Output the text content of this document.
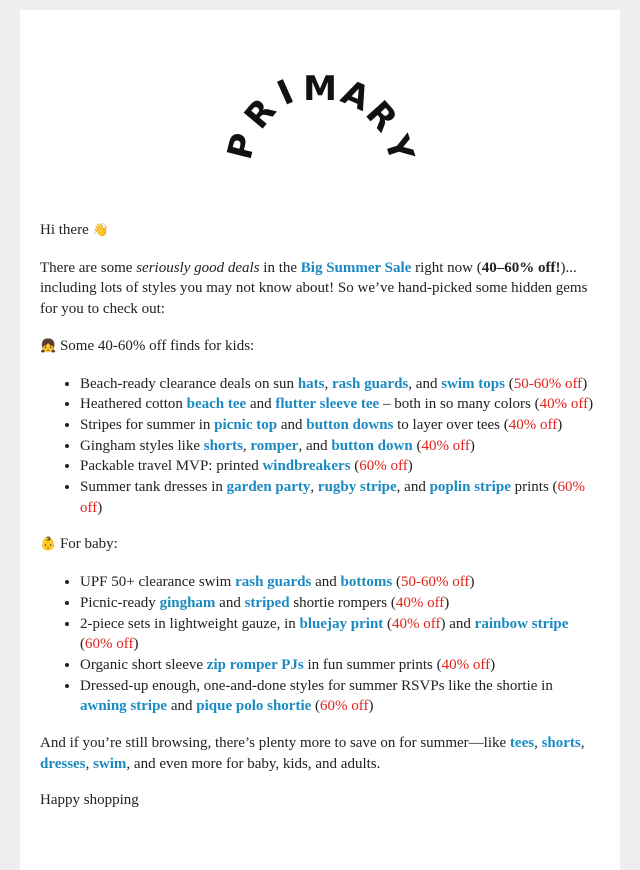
P
R
I M
A
R
Y

Hi there 👋

There are some seriously good deals in the Big Summer Sale right now (40–60% off!)... including lots of styles you may not know about! So we’ve hand-picked some hidden gems for you to check out:

👧 Some 40-60% off finds for kids:

• Beach-ready clearance deals on sun hats, rash guards, and swim tops (50-60% off)
• Heathered cotton beach tee and flutter sleeve tee – both in so many colors (40% off)
• Stripes for summer in picnic top and button downs to layer over tees (40% off)
• Gingham styles like shorts, romper, and button down (40% off)
• Packable travel MVP: printed windbreakers (60% off)
• Summer tank dresses in garden party, rugby stripe, and poplin stripe prints (60% off)

👶 For baby:

• UPF 50+ clearance swim rash guards and bottoms (50-60% off)
• Picnic-ready gingham and striped shortie rompers (40% off)
• 2-piece sets in lightweight gauze, in bluejay print (40% off) and rainbow stripe (60% off)
• Organic short sleeve zip romper PJs in fun summer prints (40% off)
• Dressed-up enough, one-and-done styles for summer RSVPs like the shortie in awning stripe and pique polo shortie (60% off)

And if you’re still browsing, there’s plenty more to save on for summer—like tees, shorts, dresses, swim, and even more for baby, kids, and adults.

Happy shopping
